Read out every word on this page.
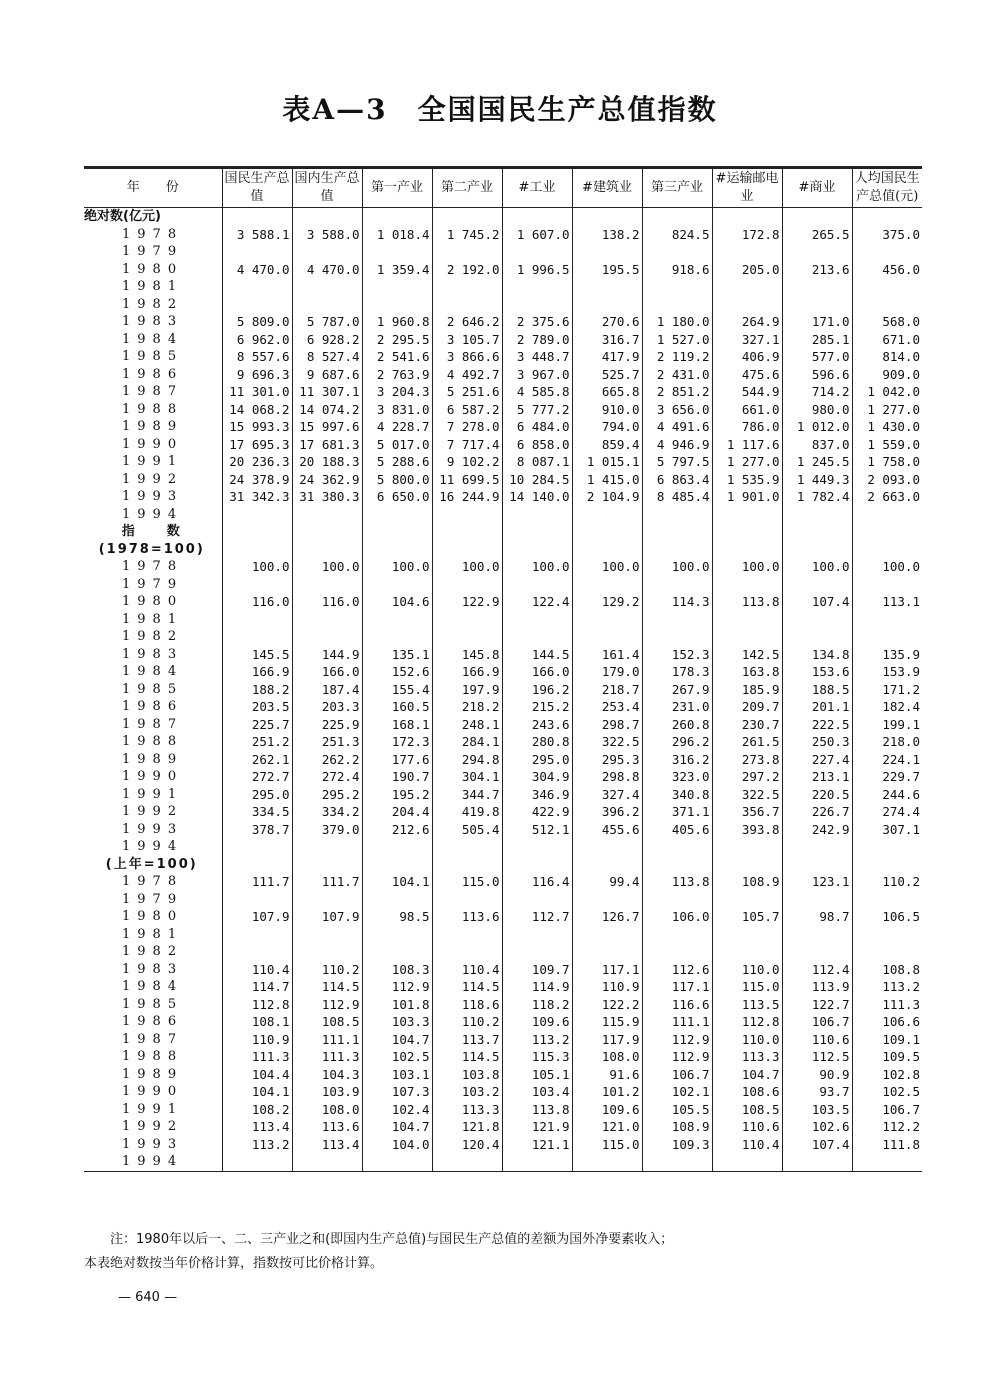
表A—3　全国国民生产总值指数
年　　份	国民生产总值	国内生产总值	第一产业	第二产业	#工业	#建筑业	第三产业	#运输邮电业	#商业	人均国民生产总值(元)

绝对数(亿元)										
1978	3 588.1	3 588.0	1 018.4	1 745.2	1 607.0	138.2	824.5	172.8	265.5	375.0
1979										
1980	4 470.0	4 470.0	1 359.4	2 192.0	1 996.5	195.5	918.6	205.0	213.6	456.0
1981										
1982										
1983	5 809.0	5 787.0	1 960.8	2 646.2	2 375.6	270.6	1 180.0	264.9	171.0	568.0
1984	6 962.0	6 928.2	2 295.5	3 105.7	2 789.0	316.7	1 527.0	327.1	285.1	671.0
1985	8 557.6	8 527.4	2 541.6	3 866.6	3 448.7	417.9	2 119.2	406.9	577.0	814.0
1986	9 696.3	9 687.6	2 763.9	4 492.7	3 967.0	525.7	2 431.0	475.6	596.6	909.0
1987	11 301.0	11 307.1	3 204.3	5 251.6	4 585.8	665.8	2 851.2	544.9	714.2	1 042.0
1988	14 068.2	14 074.2	3 831.0	6 587.2	5 777.2	910.0	3 656.0	661.0	980.0	1 277.0
1989	15 993.3	15 997.6	4 228.7	7 278.0	6 484.0	794.0	4 491.6	786.0	1 012.0	1 430.0
1990	17 695.3	17 681.3	5 017.0	7 717.4	6 858.0	859.4	4 946.9	1 117.6	837.0	1 559.0
1991	20 236.3	20 188.3	5 288.6	9 102.2	8 087.1	1 015.1	5 797.5	1 277.0	1 245.5	1 758.0
1992	24 378.9	24 362.9	5 800.0	11 699.5	10 284.5	1 415.0	6 863.4	1 535.9	1 449.3	2 093.0
1993	31 342.3	31 380.3	6 650.0	16 244.9	14 140.0	2 104.9	8 485.4	1 901.0	1 782.4	2 663.0
1994										
指　　数										
(1978=100)										
1978	100.0	100.0	100.0	100.0	100.0	100.0	100.0	100.0	100.0	100.0
1979										
1980	116.0	116.0	104.6	122.9	122.4	129.2	114.3	113.8	107.4	113.1
1981										
1982										
1983	145.5	144.9	135.1	145.8	144.5	161.4	152.3	142.5	134.8	135.9
1984	166.9	166.0	152.6	166.9	166.0	179.0	178.3	163.8	153.6	153.9
1985	188.2	187.4	155.4	197.9	196.2	218.7	267.9	185.9	188.5	171.2
1986	203.5	203.3	160.5	218.2	215.2	253.4	231.0	209.7	201.1	182.4
1987	225.7	225.9	168.1	248.1	243.6	298.7	260.8	230.7	222.5	199.1
1988	251.2	251.3	172.3	284.1	280.8	322.5	296.2	261.5	250.3	218.0
1989	262.1	262.2	177.6	294.8	295.0	295.3	316.2	273.8	227.4	224.1
1990	272.7	272.4	190.7	304.1	304.9	298.8	323.0	297.2	213.1	229.7
1991	295.0	295.2	195.2	344.7	346.9	327.4	340.8	322.5	220.5	244.6
1992	334.5	334.2	204.4	419.8	422.9	396.2	371.1	356.7	226.7	274.4
1993	378.7	379.0	212.6	505.4	512.1	455.6	405.6	393.8	242.9	307.1
1994										
(上年=100)										
1978	111.7	111.7	104.1	115.0	116.4	99.4	113.8	108.9	123.1	110.2
1979										
1980	107.9	107.9	98.5	113.6	112.7	126.7	106.0	105.7	98.7	106.5
1981										
1982										
1983	110.4	110.2	108.3	110.4	109.7	117.1	112.6	110.0	112.4	108.8
1984	114.7	114.5	112.9	114.5	114.9	110.9	117.1	115.0	113.9	113.2
1985	112.8	112.9	101.8	118.6	118.2	122.2	116.6	113.5	122.7	111.3
1986	108.1	108.5	103.3	110.2	109.6	115.9	111.1	112.8	106.7	106.6
1987	110.9	111.1	104.7	113.7	113.2	117.9	112.9	110.0	110.6	109.1
1988	111.3	111.3	102.5	114.5	115.3	108.0	112.9	113.3	112.5	109.5
1989	104.4	104.3	103.1	103.8	105.1	91.6	106.7	104.7	90.9	102.8
1990	104.1	103.9	107.3	103.2	103.4	101.2	102.1	108.6	93.7	102.5
1991	108.2	108.0	102.4	113.3	113.8	109.6	105.5	108.5	103.5	106.7
1992	113.4	113.6	104.7	121.8	121.9	121.0	108.9	110.6	102.6	112.2
1993	113.2	113.4	104.0	120.4	121.1	115.0	109.3	110.4	107.4	111.8
1994										
注：1980年以后一、二、三产业之和(即国内生产总值)与国民生产总值的差额为国外净要素收入；
本表绝对数按当年价格计算，指数按可比价格计算。
— 640 —
